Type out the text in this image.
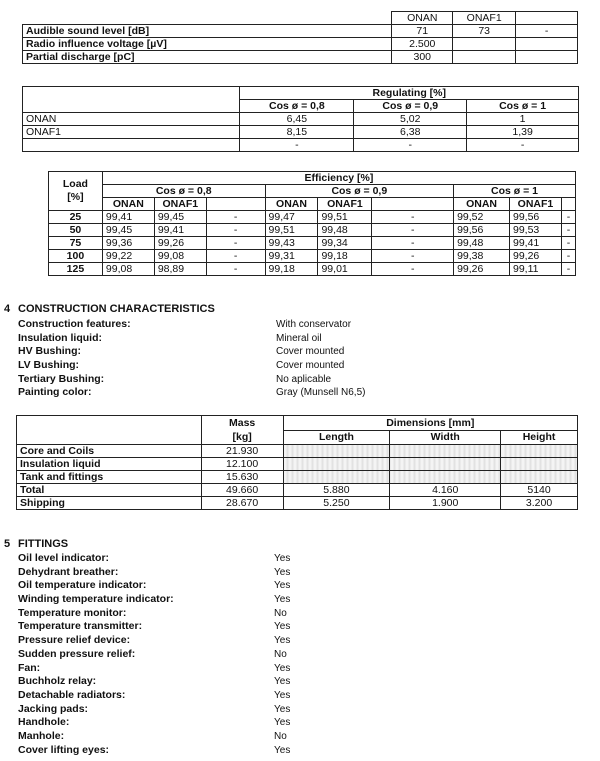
	ONAN	ONAF1	
Audible sound level [dB]	71	73	-
Radio influence voltage [µV]	2.500		
Partial discharge [pC]	300		
	Regulating [%]		
	Cos ø = 0,8	Cos ø = 0,9	Cos ø = 1
ONAN	6,45	5,02	1
ONAF1	8,15	6,38	1,39
	-	-	-
Load
[%]	Efficiency [%]								
	Cos ø = 0,8			Cos ø = 0,9			Cos ø = 1		
	ONAN	ONAF1		ONAN	ONAF1		ONAN	ONAF1	
25	99,41	99,45	-	99,47	99,51	-	99,52	99,56	-
50	99,45	99,41	-	99,51	99,48	-	99,56	99,53	-
75	99,36	99,26	-	99,43	99,34	-	99,48	99,41	-
100	99,22	99,08	-	99,31	99,18	-	99,38	99,26	-
125	99,08	98,89	-	99,18	99,01	-	99,26	99,11	-
4 CONSTRUCTION CHARACTERISTICS
Construction features:	With conservator
Insulation liquid:	Mineral oil
HV Bushing:	Cover mounted
LV Bushing:	Cover mounted
Tertiary Bushing:	No aplicable
Painting color:	Gray (Munsell N6,5)
	Mass
[kg]	Dimensions [mm]		
		Length	Width	Height
Core and Coils	21.930			
Insulation liquid	12.100			
Tank and fittings	15.630			
Total	49.660	5.880	4.160	5140
Shipping	28.670	5.250	1.900	3.200
5 FITTINGS
Oil level indicator:	Yes
Dehydrant breather:	Yes
Oil temperature indicator:	Yes
Winding temperature indicator:	Yes
Temperature monitor:	No
Temperature transmitter:	Yes
Pressure relief device:	Yes
Sudden pressure relief:	No
Fan:	Yes
Buchholz relay:	Yes
Detachable radiators:	Yes
Jacking pads:	Yes
Handhole:	Yes
Manhole:	No
Cover lifting eyes:	Yes
